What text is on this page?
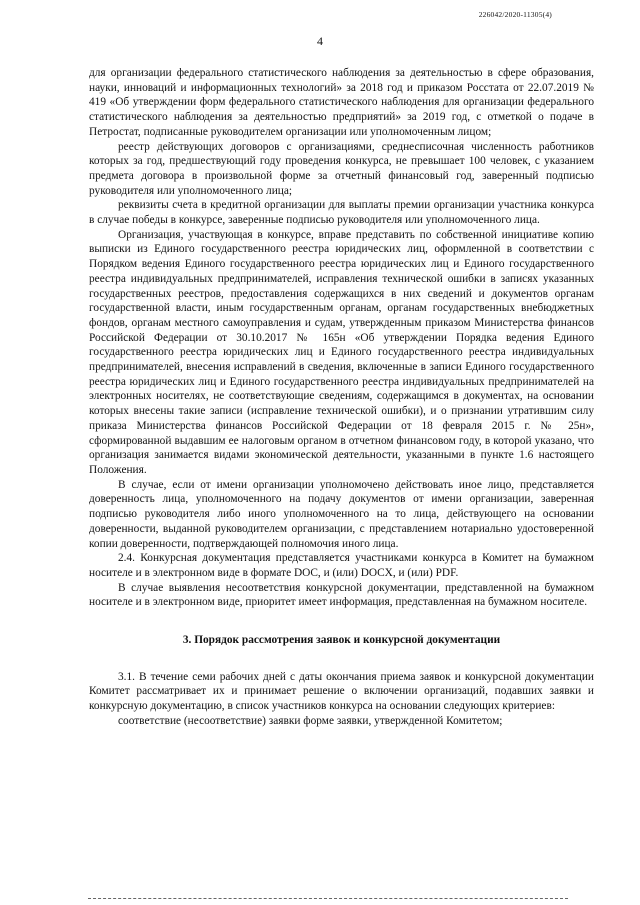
226042/2020-11305(4)
4

для организации федерального статистического наблюдения за деятельностью в сфере образования, науки, инноваций и информационных технологий» за 2018 год и приказом Росстата от 22.07.2019 № 419 «Об утверждении форм федерального статистического наблюдения для организации федерального статистического наблюдения за деятельностью предприятий» за 2019 год, с отметкой о подаче в Петростат, подписанные руководителем организации или уполномоченным лицом;

реестр действующих договоров с организациями, среднесписочная численность работников которых за год, предшествующий году проведения конкурса, не превышает 100 человек, с указанием предмета договора в произвольной форме за отчетный финансовый год, заверенный подписью руководителя или уполномоченного лица;

реквизиты счета в кредитной организации для выплаты премии организации участника конкурса в случае победы в конкурсе, заверенные подписью руководителя или уполномоченного лица.

Организация, участвующая в конкурсе, вправе представить по собственной инициативе копию выписки из Единого государственного реестра юридических лиц, оформленной в соответствии с Порядком ведения Единого государственного реестра юридических лиц и Единого государственного реестра индивидуальных предпринимателей, исправления технической ошибки в записях указанных государственных реестров, предоставления содержащихся в них сведений и документов органам государственной власти, иным государственным органам, органам государственных внебюджетных фондов, органам местного самоуправления и судам, утвержденным приказом Министерства финансов Российской Федерации от 30.10.2017 № 165н «Об утверждении Порядка ведения Единого государственного реестра юридических лиц и Единого государственного реестра индивидуальных предпринимателей, внесения исправлений в сведения, включенные в записи Единого государственного реестра юридических лиц и Единого государственного реестра индивидуальных предпринимателей на электронных носителях, не соответствующие сведениям, содержащимся в документах, на основании которых внесены такие записи (исправление технической ошибки), и о признании утратившим силу приказа Министерства финансов Российской Федерации от 18 февраля 2015 г. № 25н», сформированной выдавшим ее налоговым органом в отчетном финансовом году, в которой указано, что организация занимается видами экономической деятельности, указанными в пункте 1.6 настоящего Положения.

В случае, если от имени организации уполномочено действовать иное лицо, представляется доверенность лица, уполномоченного на подачу документов от имени организации, заверенная подписью руководителя либо иного уполномоченного на то лица, действующего на основании доверенности, выданной руководителем организации, с представлением нотариально удостоверенной копии доверенности, подтверждающей полномочия иного лица.

2.4. Конкурсная документация представляется участниками конкурса в Комитет на бумажном носителе и в электронном виде в формате DOC, и (или) DOCX, и (или) PDF.

В случае выявления несоответствия конкурсной документации, представленной на бумажном носителе и в электронном виде, приоритет имеет информация, представленная на бумажном носителе.

3. Порядок рассмотрения заявок и конкурсной документации

3.1. В течение семи рабочих дней с даты окончания приема заявок и конкурсной документации Комитет рассматривает их и принимает решение о включении организаций, подавших заявки и конкурсную документацию, в список участников конкурса на основании следующих критериев:

соответствие (несоответствие) заявки форме заявки, утвержденной Комитетом;
